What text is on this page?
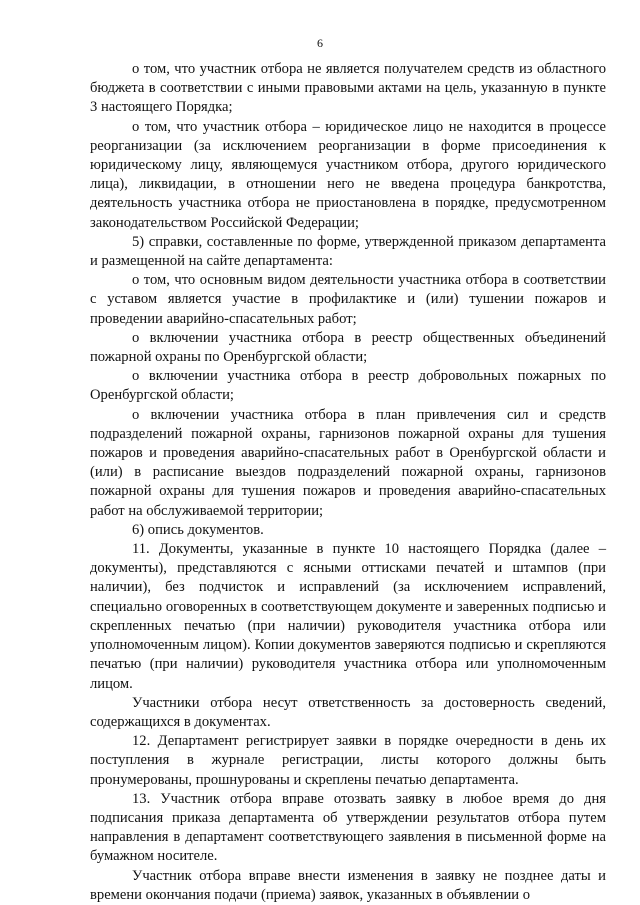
6

о том, что участник отбора не является получателем средств из областного бюджета в соответствии с иными правовыми актами на цель, указанную в пункте 3 настоящего Порядка;

о том, что участник отбора – юридическое лицо не находится в процессе реорганизации (за исключением реорганизации в форме присоединения к юридическому лицу, являющемуся участником отбора, другого юридического лица), ликвидации, в отношении него не введена процедура банкротства, деятельность участника отбора не приостановлена в порядке, предусмотренном законодательством Российской Федерации;

5) справки, составленные по форме, утвержденной приказом департамента и размещенной на сайте департамента:

о том, что основным видом деятельности участника отбора в соответствии с уставом является участие в профилактике и (или) тушении пожаров и проведении аварийно-спасательных работ;

о включении участника отбора в реестр общественных объединений пожарной охраны по Оренбургской области;

о включении участника отбора в реестр добровольных пожарных по Оренбургской области;

о включении участника отбора в план привлечения сил и средств подразделений пожарной охраны, гарнизонов пожарной охраны для тушения пожаров и проведения аварийно-спасательных работ в Оренбургской области и (или) в расписание выездов подразделений пожарной охраны, гарнизонов пожарной охраны для тушения пожаров и проведения аварийно-спасательных работ на обслуживаемой территории;

6) опись документов.

11. Документы, указанные в пункте 10 настоящего Порядка (далее – документы), представляются с ясными оттисками печатей и штампов (при наличии), без подчисток и исправлений (за исключением исправлений, специально оговоренных в соответствующем документе и заверенных подписью и скрепленных печатью (при наличии) руководителя участника отбора или уполномоченным лицом). Копии документов заверяются подписью и скрепляются печатью (при наличии) руководителя участника отбора или уполномоченным лицом.

Участники отбора несут ответственность за достоверность сведений, содержащихся в документах.

12. Департамент регистрирует заявки в порядке очередности в день их поступления в журнале регистрации, листы которого должны быть пронумерованы, прошнурованы и скреплены печатью департамента.

13. Участник отбора вправе отозвать заявку в любое время до дня подписания приказа департамента об утверждении результатов отбора путем направления в департамент соответствующего заявления в письменной форме на бумажном носителе.

Участник отбора вправе внести изменения в заявку не позднее даты и времени окончания подачи (приема) заявок, указанных в объявлении о
